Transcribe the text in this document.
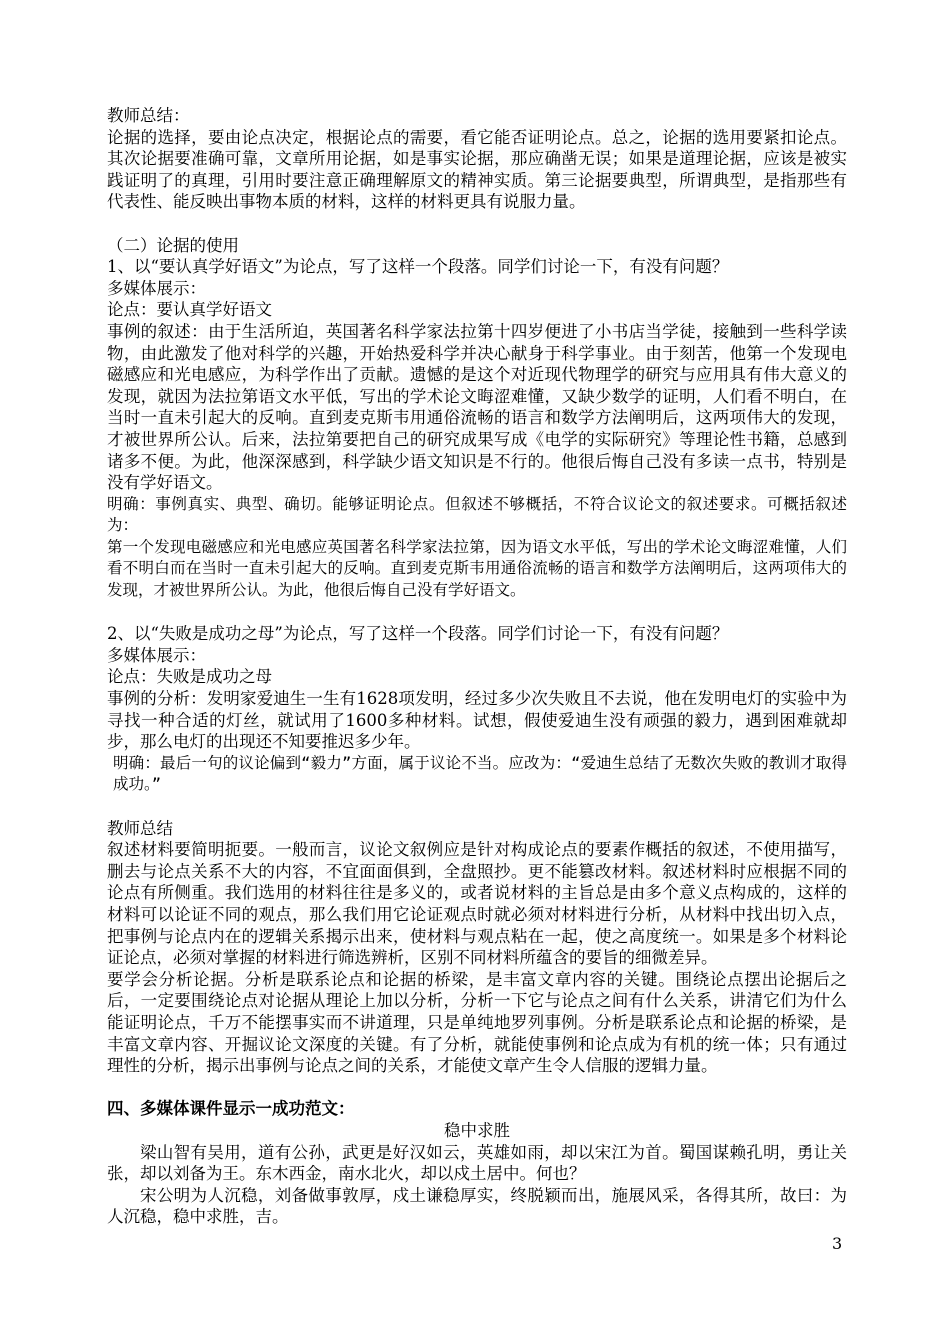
教师总结：

论据的选择，要由论点决定，根据论点的需要，看它能否证明论点。总之，论据的选用要紧扣论点。其次论据要准确可靠，文章所用论据，如是事实论据，那应确凿无误；如果是道理论据，应该是被实践证明了的真理，引用时要注意正确理解原文的精神实质。第三论据要典型，所谓典型，是指那些有代表性、能反映出事物本质的材料，这样的材料更具有说服力量。

（二）论据的使用

1、以“要认真学好语文”为论点，写了这样一个段落。同学们讨论一下，有没有问题？

多媒体展示：

论点：要认真学好语文

事例的叙述：由于生活所迫，英国著名科学家法拉第十四岁便进了小书店当学徒，接触到一些科学读物，由此激发了他对科学的兴趣，开始热爱科学并决心献身于科学事业。由于刻苦，他第一个发现电磁感应和光电感应，为科学作出了贡献。遗憾的是这个对近现代物理学的研究与应用具有伟大意义的发现，就因为法拉第语文水平低，写出的学术论文晦涩难懂，又缺少数学的证明，人们看不明白，在当时一直未引起大的反响。直到麦克斯韦用通俗流畅的语言和数学方法阐明后，这两项伟大的发现，才被世界所公认。后来，法拉第要把自己的研究成果写成《电学的实际研究》等理论性书籍，总感到诸多不便。为此，他深深感到，科学缺少语文知识是不行的。他很后悔自己没有多读一点书，特别是没有学好语文。

明确：事例真实、典型、确切。能够证明论点。但叙述不够概括，不符合议论文的叙述要求。可概括叙述为：

第一个发现电磁感应和光电感应英国著名科学家法拉第，因为语文水平低，写出的学术论文晦涩难懂，人们看不明白而在当时一直未引起大的反响。直到麦克斯韦用通俗流畅的语言和数学方法阐明后，这两项伟大的发现，才被世界所公认。为此，他很后悔自己没有学好语文。

2、以“失败是成功之母”为论点，写了这样一个段落。同学们讨论一下，有没有问题？

多媒体展示：

论点：失败是成功之母

事例的分析：发明家爱迪生一生有1628项发明，经过多少次失败且不去说，他在发明电灯的实验中为寻找一种合适的灯丝，就试用了1600多种材料。试想，假使爱迪生没有顽强的毅力，遇到困难就却步，那么电灯的出现还不知要推迟多少年。

明确：最后一句的议论偏到“毅力”方面，属于议论不当。应改为：“爱迪生总结了无数次失败的教训才取得成功。”

教师总结

叙述材料要简明扼要。一般而言，议论文叙例应是针对构成论点的要素作概括的叙述，不使用描写，删去与论点关系不大的内容，不宜面面俱到，全盘照抄。更不能篡改材料。叙述材料时应根据不同的论点有所侧重。我们选用的材料往往是多义的，或者说材料的主旨总是由多个意义点构成的，这样的材料可以论证不同的观点，那么我们用它论证观点时就必须对材料进行分析，从材料中找出切入点，把事例与论点内在的逻辑关系揭示出来，使材料与观点粘在一起，使之高度统一。如果是多个材料论证论点，必须对掌握的材料进行筛选辨析，区别不同材料所蕴含的要旨的细微差异。

要学会分析论据。分析是联系论点和论据的桥梁，是丰富文章内容的关键。围绕论点摆出论据后之后，一定要围绕论点对论据从理论上加以分析，分析一下它与论点之间有什么关系，讲清它们为什么能证明论点，千万不能摆事实而不讲道理，只是单纯地罗列事例。分析是联系论点和论据的桥梁，是丰富文章内容、开掘议论文深度的关键。有了分析，就能使事例和论点成为有机的统一体；只有通过理性的分析，揭示出事例与论点之间的关系，才能使文章产生令人信服的逻辑力量。

四、多媒体课件显示一成功范文：

稳中求胜

梁山智有吴用，道有公孙，武更是好汉如云，英雄如雨，却以宋江为首。蜀国谋赖孔明，勇让关张，却以刘备为王。东木西金，南水北火，却以戍土居中。何也？

宋公明为人沉稳，刘备做事敦厚，戍土谦稳厚实，终脱颖而出，施展风采，各得其所，故曰：为人沉稳，稳中求胜，吉。

3
